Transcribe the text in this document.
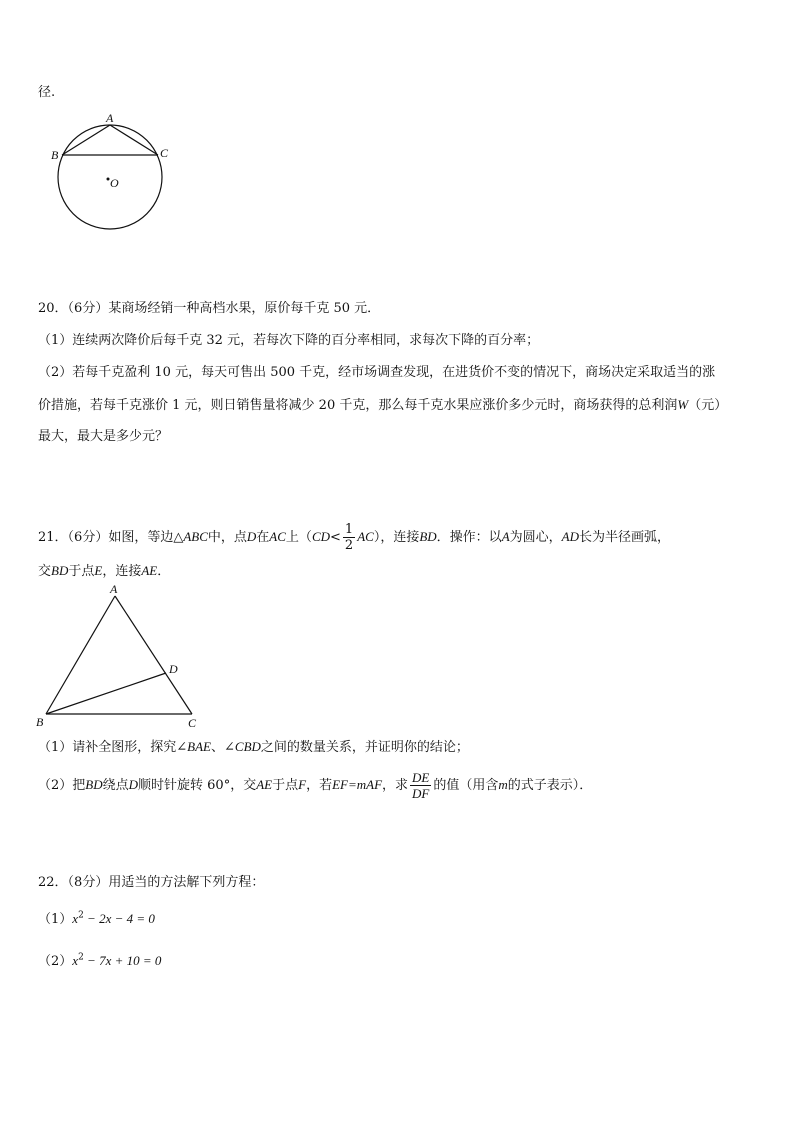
径.
A
B	C
O
20．（6分）某商场经销一种高档水果，原价每千克 50 元．
（1）连续两次降价后每千克 32 元，若每次下降的百分率相同，求每次下降的百分率；
（2）若每千克盈利 10 元，每天可售出 500 千克，经市场调查发现，在进货价不变的情况下，商场决定采取适当的涨
价措施，若每千克涨价 1 元，则日销售量将减少 20 千克，那么每千克水果应涨价多少元时，商场获得的总利润W（元）
最大，最大是多少元？
21．（6分）如图，等边△ABC中，点D在AC上$(CD< \frac{1}{2} AC)$，连接BD．操作：以A为圆心，AD长为半径画弧，
交BD于点E，连接AE．
A
B	C
D
（1）请补全图形，探究∠BAE、∠CBD之间的数量关系，并证明你的结论；
（2）把BD绕点D顺时针旋转 60°，交AE于点F，若EF=mAF，求 $\frac{DE}{DF}$ 的值（用含m的式子表示）．
22．（8分）用适当的方法解下列方程：
$(1)x^2 - 2x - 4 = 0$
$(2)x^2 - 7x + 10 = 0$
